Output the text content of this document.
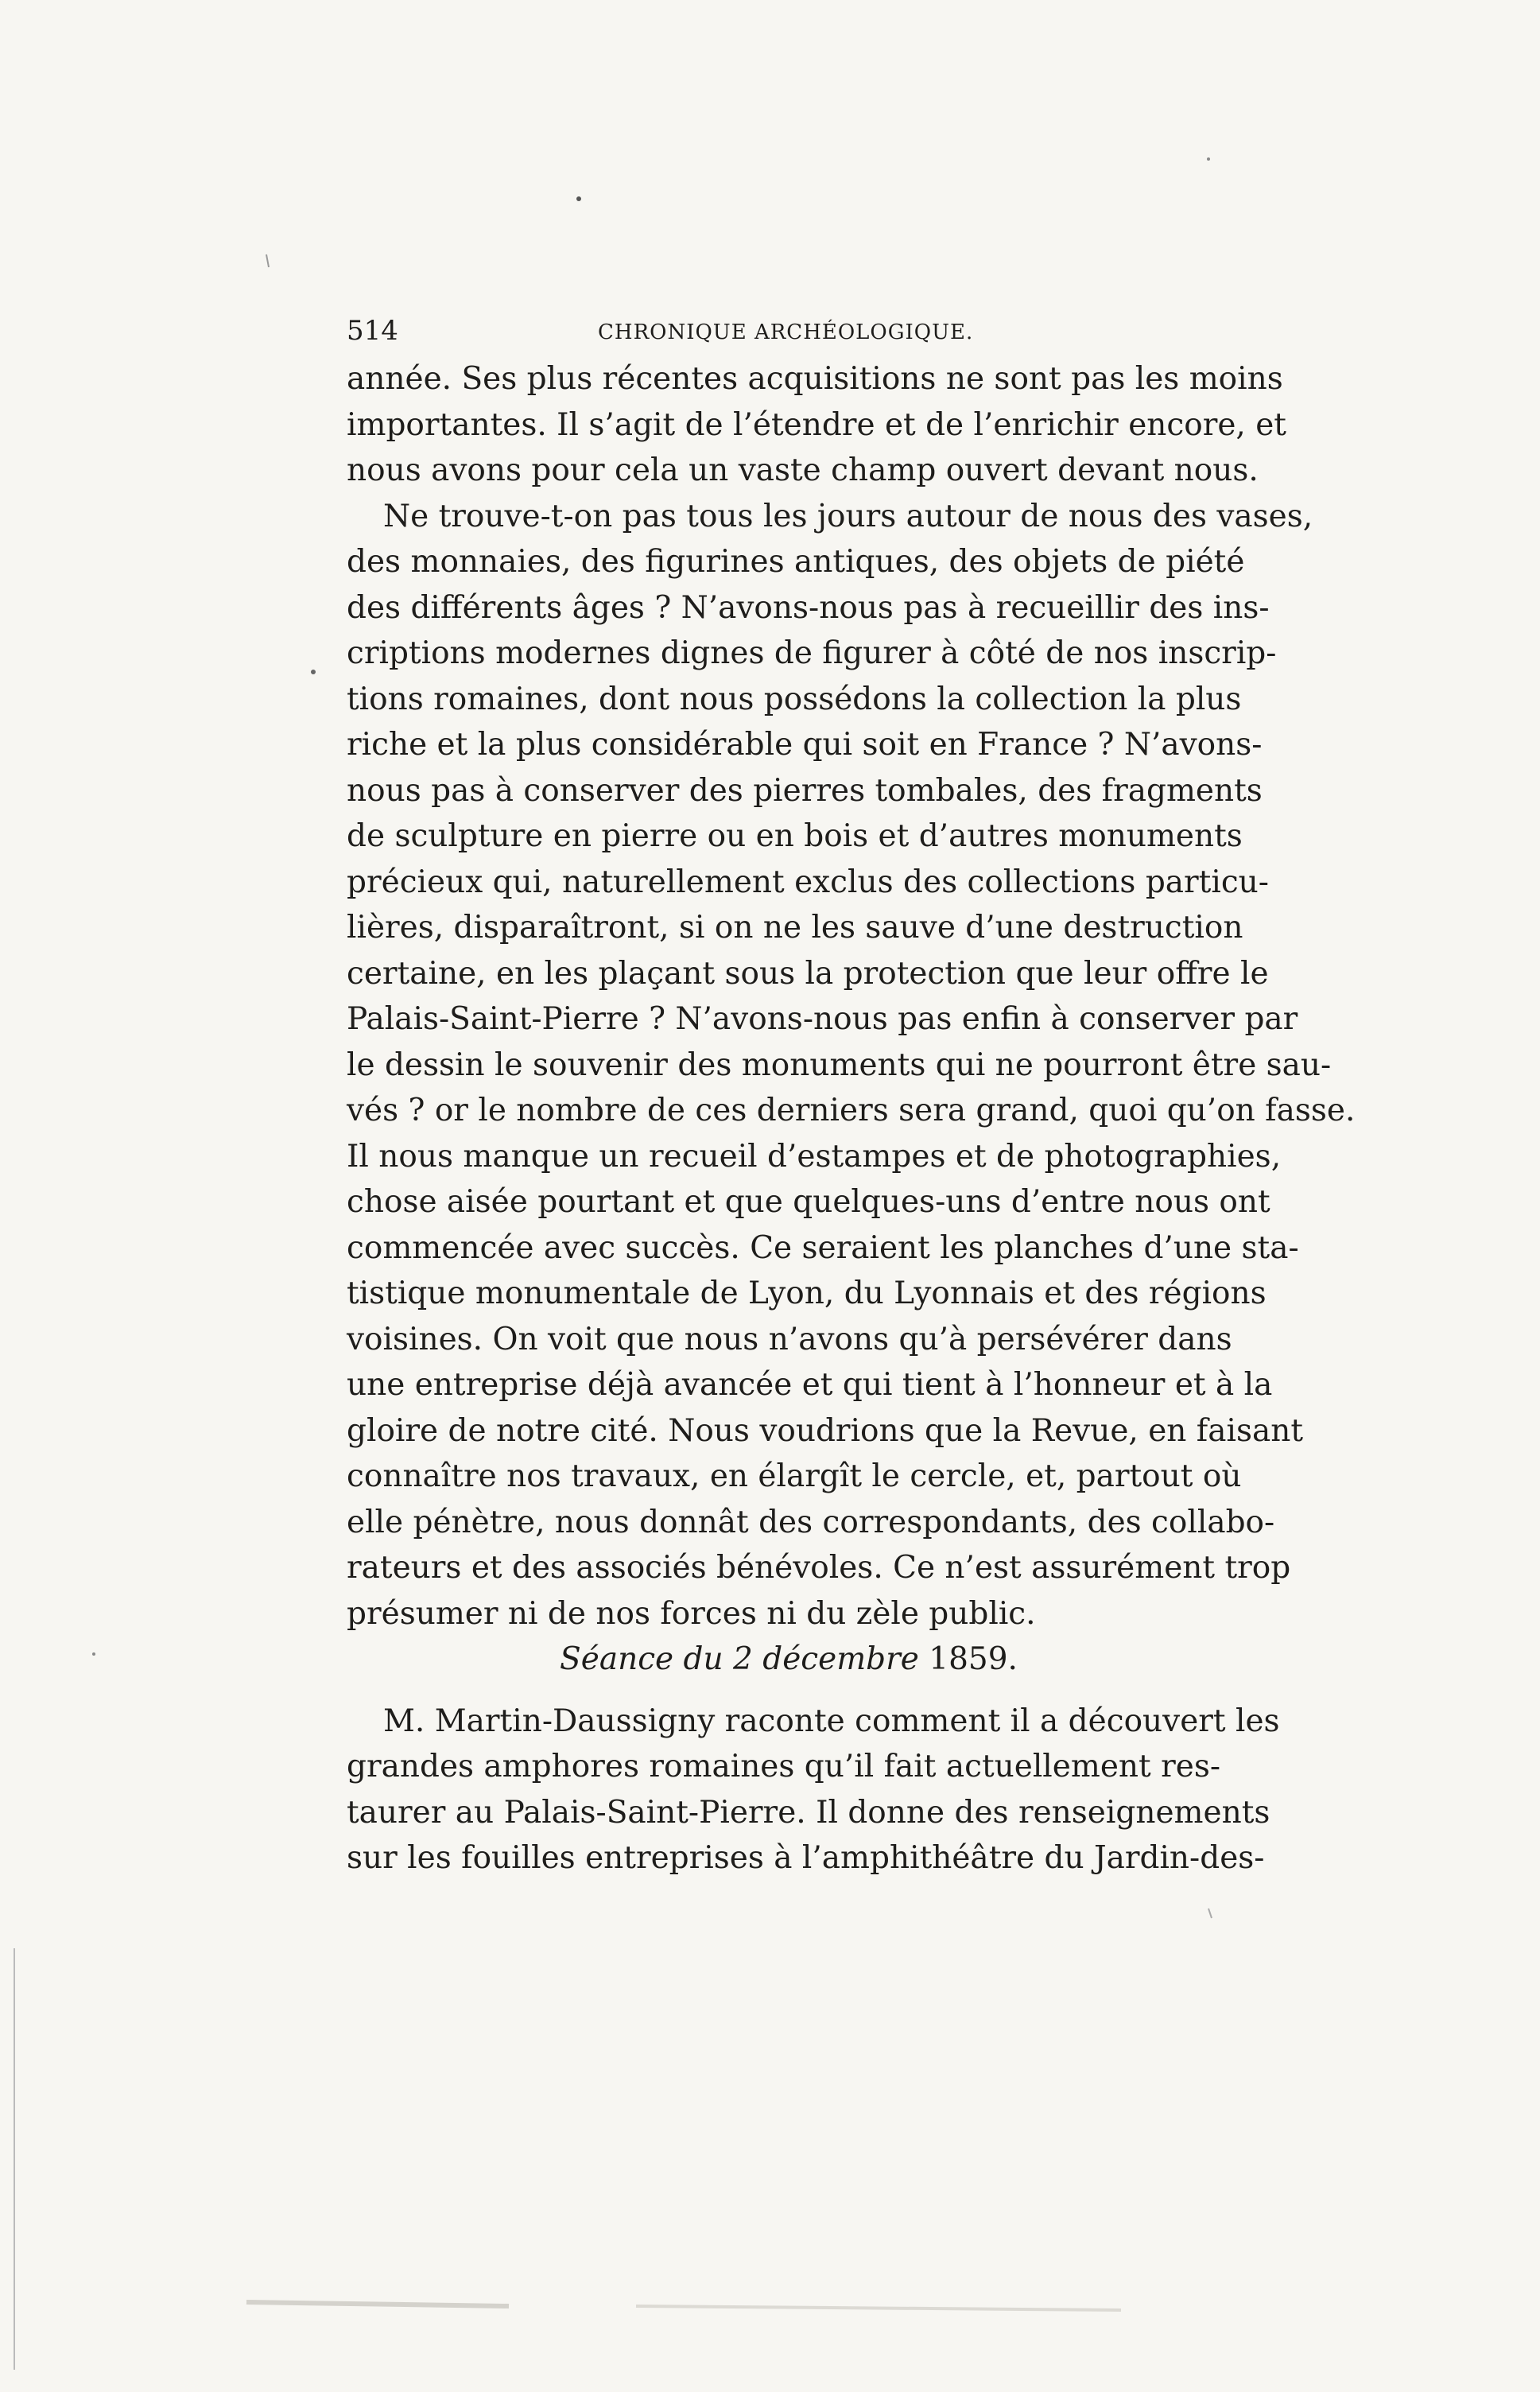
514	CHRONIQUE ARCHÉOLOGIQUE.
année. Ses plus récentes acquisitions ne sont pas les moins
importantes. Il s’agit de l’étendre et de l’enrichir encore, et
nous avons pour cela un vaste champ ouvert devant nous.
Ne trouve-t-on pas tous les jours autour de nous des vases,
des monnaies, des figurines antiques, des objets de piété
des différents âges ? N’avons-nous pas à recueillir des ins-
criptions modernes dignes de figurer à côté de nos inscrip-
tions romaines, dont nous possédons la collection la plus
riche et la plus considérable qui soit en France ? N’avons-
nous pas à conserver des pierres tombales, des fragments
de sculpture en pierre ou en bois et d’autres monuments
précieux qui, naturellement exclus des collections particu-
lières, disparaîtront, si on ne les sauve d’une destruction
certaine, en les plaçant sous la protection que leur offre le
Palais-Saint-Pierre ? N’avons-nous pas enfin à conserver par
le dessin le souvenir des monuments qui ne pourront être sau-
vés ? or le nombre de ces derniers sera grand, quoi qu’on fasse.
Il nous manque un recueil d’estampes et de photographies,
chose aisée pourtant et que quelques-uns d’entre nous ont
commencée avec succès. Ce seraient les planches d’une sta-
tistique monumentale de Lyon, du Lyonnais et des régions
voisines. On voit que nous n’avons qu’à persévérer dans
une entreprise déjà avancée et qui tient à l’honneur et à la
gloire de notre cité. Nous voudrions que la Revue, en faisant
connaître nos travaux, en élargît le cercle, et, partout où
elle pénètre, nous donnât des correspondants, des collabo-
rateurs et des associés bénévoles. Ce n’est assurément trop
présumer ni de nos forces ni du zèle public.
Séance du 2 décembre 1859.
M. Martin-Daussigny raconte comment il a découvert les
grandes amphores romaines qu’il fait actuellement res-
taurer au Palais-Saint-Pierre. Il donne des renseignements
sur les fouilles entreprises à l’amphithéâtre du Jardin-des-
